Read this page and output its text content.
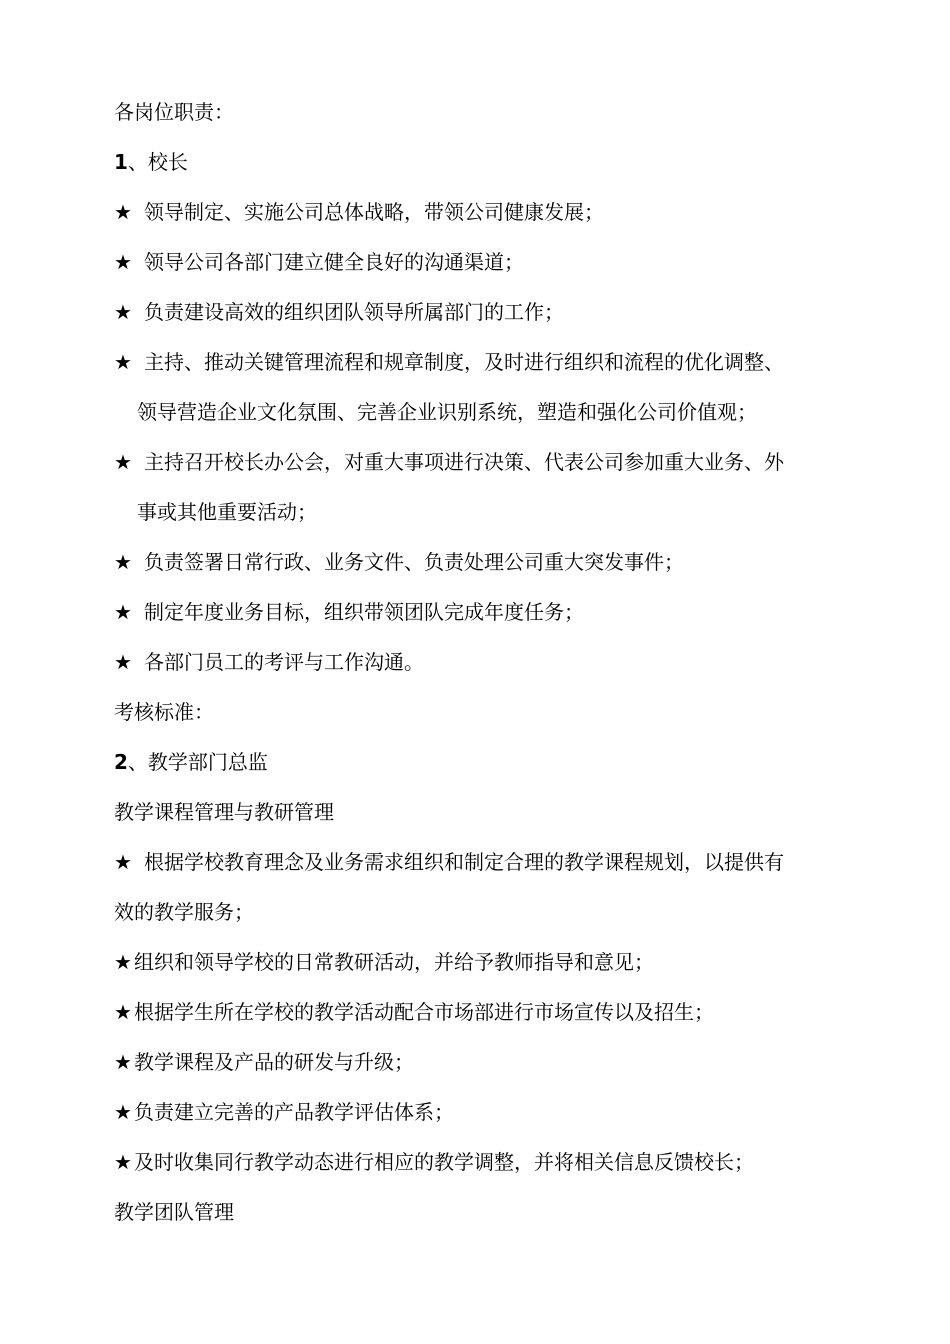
各岗位职责：
1、校长
★ 领导制定、实施公司总体战略，带领公司健康发展；
★ 领导公司各部门建立健全良好的沟通渠道；
★ 负责建设高效的组织团队领导所属部门的工作；
★ 主持、推动关键管理流程和规章制度，及时进行组织和流程的优化调整、
领导营造企业文化氛围、完善企业识别系统，塑造和强化公司价值观；
★ 主持召开校长办公会，对重大事项进行决策、代表公司参加重大业务、外
事或其他重要活动；
★ 负责签署日常行政、业务文件、负责处理公司重大突发事件；
★ 制定年度业务目标，组织带领团队完成年度任务；
★ 各部门员工的考评与工作沟通。
考核标准：
2、教学部门总监
教学课程管理与教研管理
★ 根据学校教育理念及业务需求组织和制定合理的教学课程规划，以提供有
效的教学服务；
★ 组织和领导学校的日常教研活动，并给予教师指导和意见；
★ 根据学生所在学校的教学活动配合市场部进行市场宣传以及招生；
★ 教学课程及产品的研发与升级；
★ 负责建立完善的产品教学评估体系；
★ 及时收集同行教学动态进行相应的教学调整，并将相关信息反馈校长；
教学团队管理
